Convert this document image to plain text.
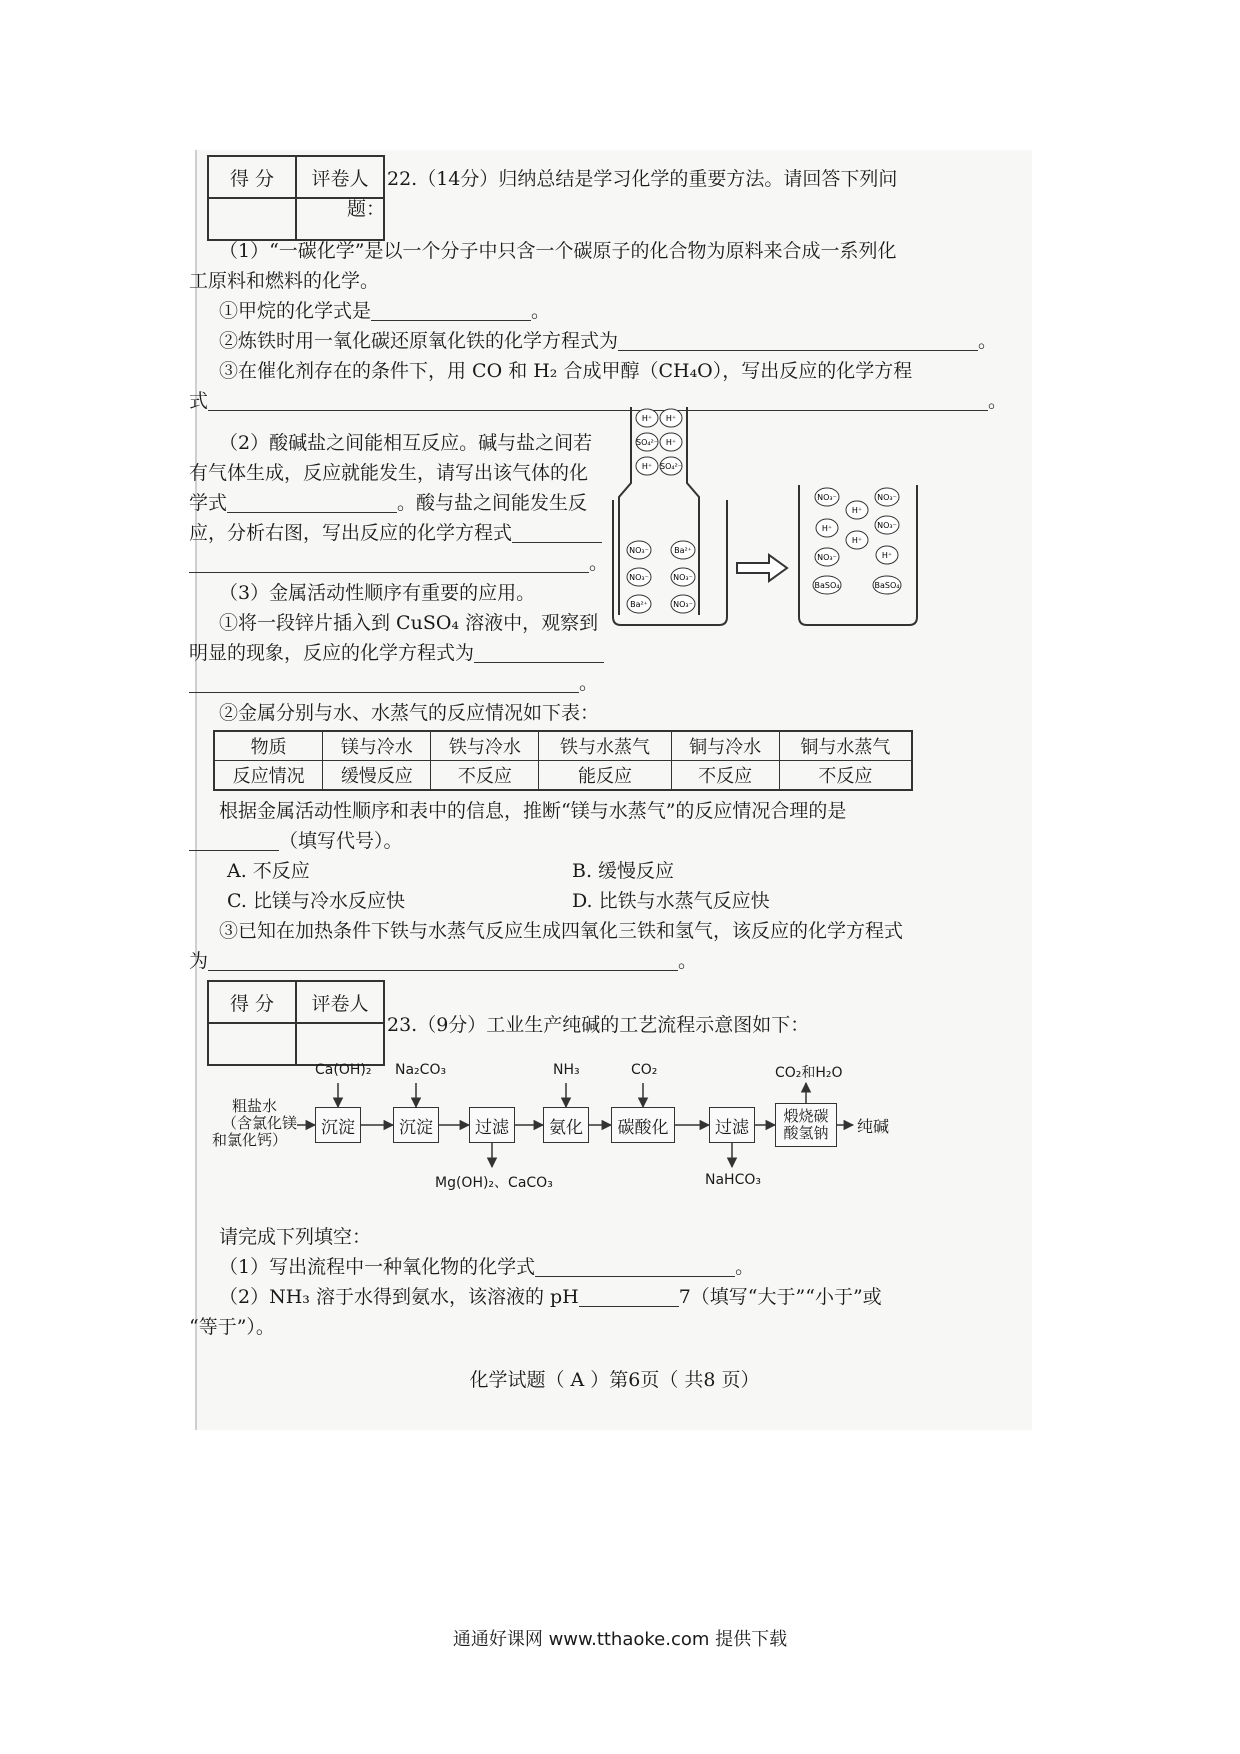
得 分	评卷人
	22.（14分）归纳总结是学习化学的重要方法。请回答下列问
题：
（1）“一碳化学”是以一个分子中只含一个碳原子的化合物为原料来合成一系列化
工原料和燃料的化学。
①甲烷的化学式是	。
②炼铁时用一氧化碳还原氧化铁的化学方程式为	。
③在催化剂存在的条件下，用 CO 和 H₂ 合成甲醇（CH₄O），写出反应的化学方程
式	。
（2）酸碱盐之间能相互反应。碱与盐之间若
有气体生成，反应就能发生，请写出该气体的化
学式	。酸与盐之间能发生反
应，分析右图，写出反应的化学方程式
。
（3）金属活动性顺序有重要的应用。
①将一段锌片插入到 CuSO₄ 溶液中，观察到
明显的现象，反应的化学方程式为
。
H⁺ H⁺
SO₄²⁻ H⁺
H⁺ SO₄²⁻
NO₃⁻	Ba²⁺
NO₃⁻	NO₃⁻
Ba²⁺	NO₃⁻
NO₃⁻	NO₃⁻
H⁺
H⁺	NO₃⁻
H⁺
NO₃⁻	H⁺
BaSO₄	BaSO₄
②金属分别与水、水蒸气的反应情况如下表：
物质	镁与冷水	铁与冷水	铁与水蒸气	铜与冷水	铜与水蒸气
反应情况	缓慢反应	不反应	能反应	不反应	不反应
根据金属活动性顺序和表中的信息，推断“镁与水蒸气”的反应情况合理的是
（填写代号）。
A. 不反应	B. 缓慢反应
C. 比镁与冷水反应快	D. 比铁与水蒸气反应快
③已知在加热条件下铁与水蒸气反应生成四氧化三铁和氢气，该反应的化学方程式
为	。
得 分	评卷人

23.（9分）工业生产纯碱的工艺流程示意图如下：
粗盐水
（含氯化镁
和氯化钙）
沉淀	沉淀	过滤	氨化	碳酸化	过滤
煅烧碳
酸氢钠 纯碱
Ca(OH)₂ Na₂CO₃	NH₃	CO₂	CO₂和H₂O
Mg(OH)₂、CaCO₃	NaHCO₃
请完成下列填空：
（1）写出流程中一种氧化物的化学式	。
（2）NH₃ 溶于水得到氨水，该溶液的 pH	7（填写“大于”“小于”或
“等于”）。
化学试题（ A ）第6页（ 共8 页）
通通好课网 www.tthaoke.com 提供下载
